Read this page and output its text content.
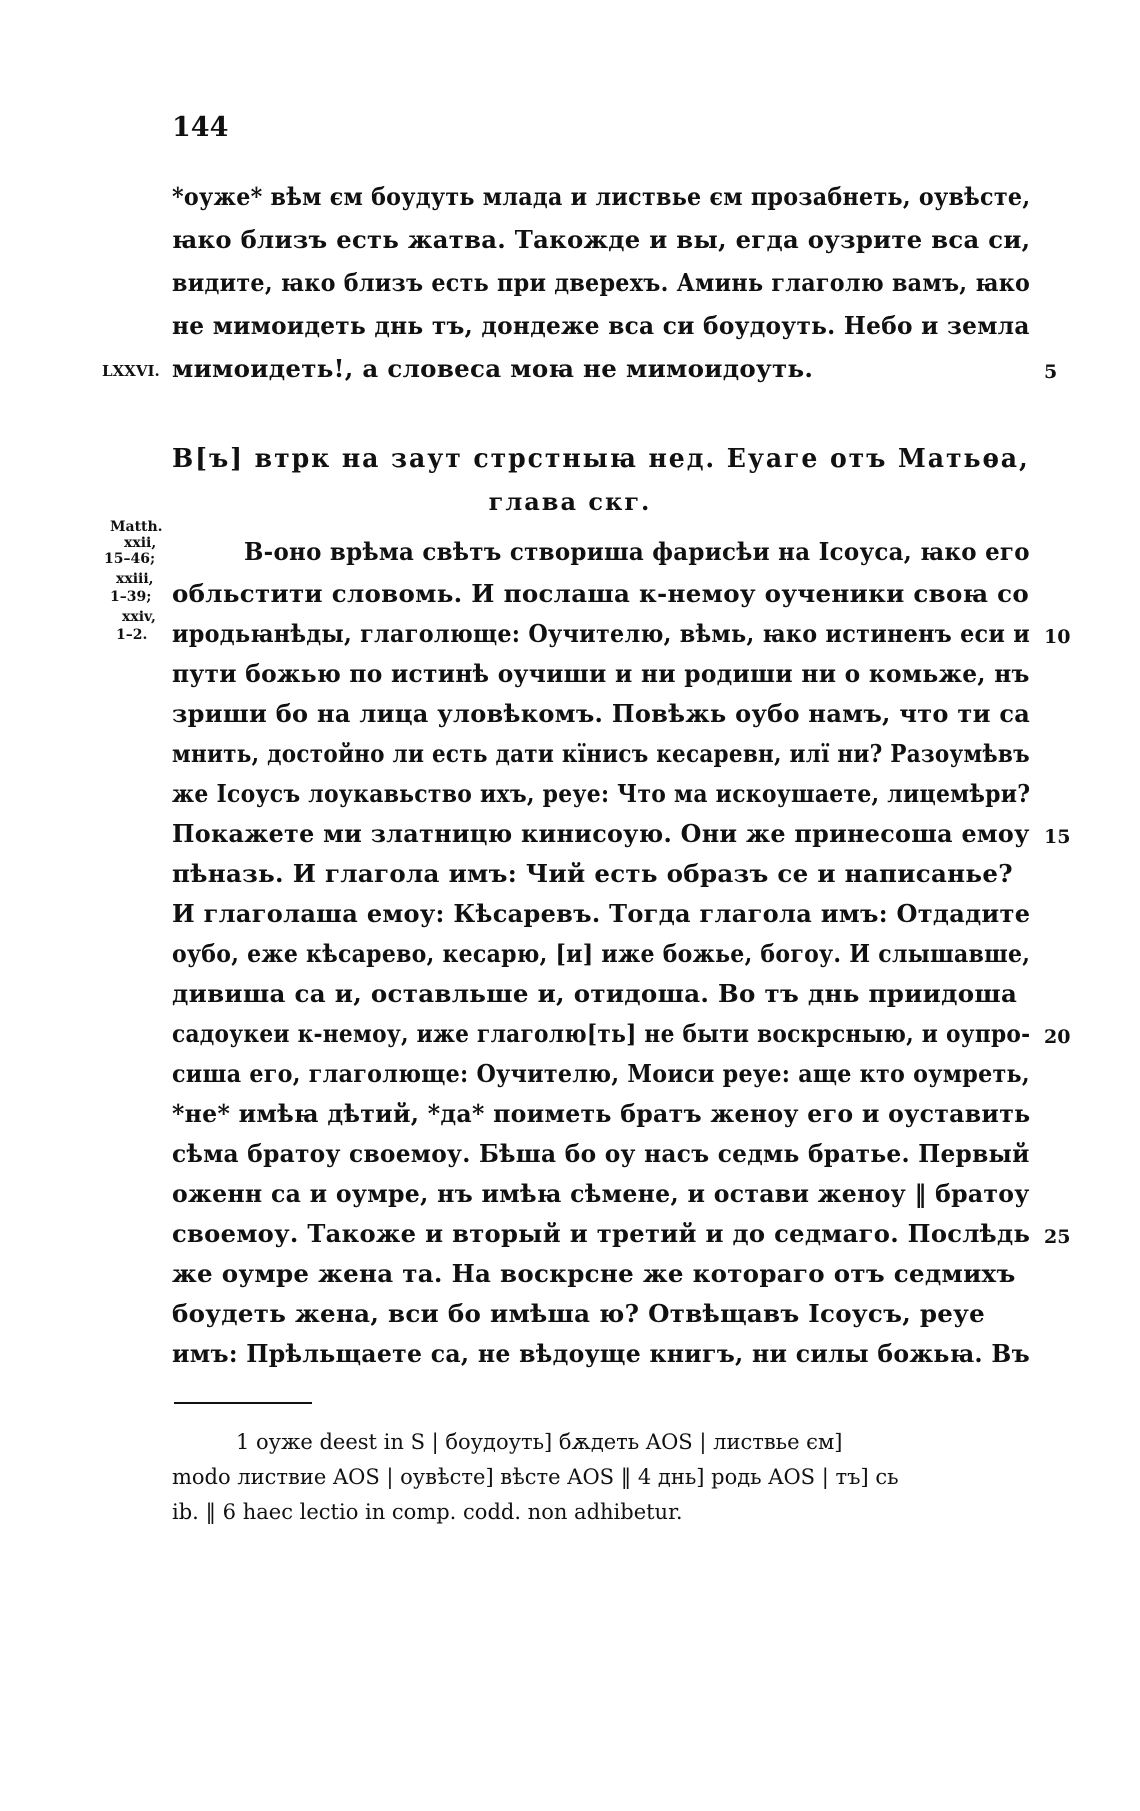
144
*оуже* вѣм єм боудуть млада и листвье єм прозабнеть, оувѣсте,
ꙗко близъ есть жатва. Такожде и вы, егда оузрите вса си,
видите, ꙗко близъ есть при дверехъ. Аминь глаголю вамъ, ꙗко
не мимоидеть днь тъ, дондеже вса си боудоуть. Небо и земла
LXXVI. мимоидеть!, а словеса моꙗ не мимоидоуть.	5
В[ъ] втрк на заут стрстныꙗ нед. Еуаге отъ Матьѳа,
глава скг.
Matth.
xxii,
15–46;
xxiii,
1–39;
xxiv,
1–2.
В-оно врѣма свѣтъ створиша фарисѣи на Ісоуса, ꙗко его
обльстити словомь. И послаша к-немоу оученики своꙗ со
иродьꙗнѣды, глаголюще: Оучителю, вѣмь, ꙗко истиненъ еси и 10
пути божью по истинѣ оучиши и ни родиши ни о комьже, нъ
зриши бо на лица уловѣкомъ. Повѣжь оубо намъ, что ти са
мнить, достойно ли есть дати кїнисъ кесаревн, илї ни? Разоумѣвъ
же Ісоусъ лоукавьство ихъ, реуе: Что ма искоушаете, лицемѣри?
Покажете ми златницю кинисоую. Они же принесоша емоу 15
пѣназь. И глагола имъ: Чий есть образъ се и написанье?
И глаголаша емоу: Кѣсаревъ. Тогда глагола имъ: Отдадите
оубо, еже кѣсарево, кесарю, [и] иже божье, богоу. И слышавше,
дивиша са и, оставльше и, отидоша. Во тъ днь приидоша
садоукеи к-немоу, иже глаголю[ть] не быти воскрсныю, и оупро- 20
сиша его, глаголюще: Оучителю, Моиси реуе: аще кто оумреть,
*не* имѣꙗ дѣтий, *да* поиметь братъ женоу его и оуставить
сѣма братоу своемоу. Бѣша бо оу насъ седмь братье. Первый
оженн са и оумре, нъ имѣꙗ сѣмене, и остави женоу ‖ братоу
своемоу. Такоже и вторый и третий и до седмаго. Послѣдь 25
же оумре жена та. На воскрсне же котораго отъ седмихъ
боудеть жена, вси бо имѣша ю? Отвѣщавъ Ісоусъ, реуе
имъ: Прѣльщаете са, не вѣдоуще книгъ, ни силы божьꙗ. Въ
1 оуже deest in S | боудоуть] бѫдеть AOS | листвье єм]
modo листвие AOS | оувѣсте] вѣсте AOS ‖ 4 днь] родь AOS | тъ] сь
ib. ‖ 6 haec lectio in comp. codd. non adhibetur.
